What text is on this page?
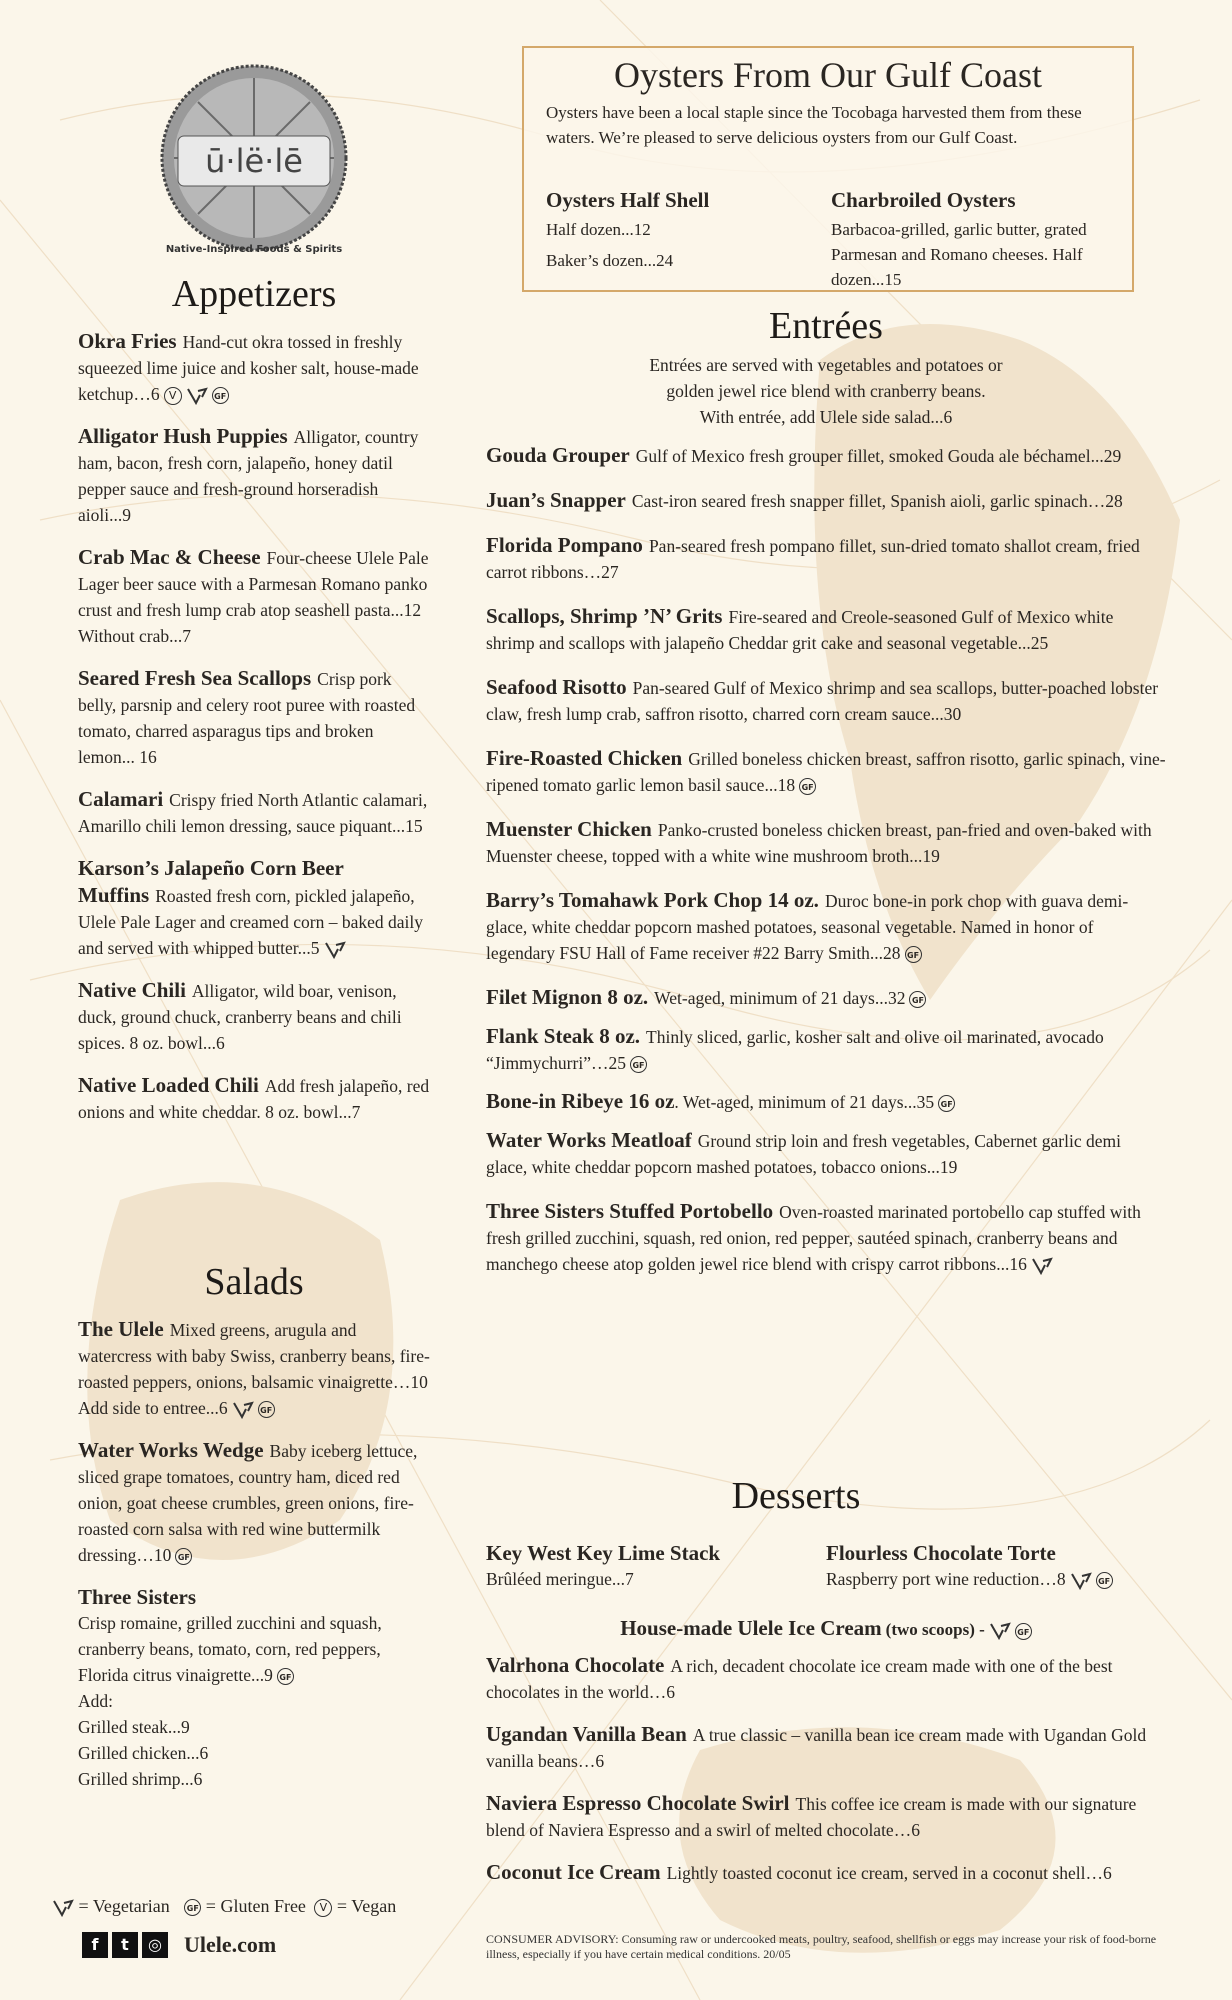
ū·lë·lē
Native-Inspired Foods & Spirits
Oysters From Our Gulf Coast

Oysters have been a local staple since the Tocobaga harvested them from these waters. We’re pleased to serve delicious oysters from our Gulf Coast.

Oysters Half Shell
Half dozen...12
Baker’s dozen...24
Charbroiled Oysters
Barbacoa-grilled, garlic butter, grated Parmesan and Romano cheeses. Half dozen...15
Appetizers

Okra Fries Hand-cut okra tossed in freshly squeezed lime juice and kosher salt, house-made ketchup…6 V	GF

Alligator Hush Puppies Alligator, country ham, bacon, fresh corn, jalapeño, honey datil pepper sauce and fresh-ground horseradish aioli...9

Crab Mac & Cheese Four-cheese Ulele Pale Lager beer sauce with a Parmesan Romano panko crust and fresh lump crab atop seashell pasta...12
Without crab...7

Seared Fresh Sea Scallops Crisp pork belly, parsnip and celery root puree with roasted tomato, charred asparagus tips and broken lemon... 16

Calamari Crispy fried North Atlantic calamari, Amarillo chili lemon dressing, sauce piquant...15

Karson’s Jalapeño Corn Beer Muffins Roasted fresh corn, pickled jalapeño, Ulele Pale Lager and creamed corn – baked daily and served with whipped butter...5

Native Chili Alligator, wild boar, venison, duck, ground chuck, cranberry beans and chili spices. 8 oz. bowl...6

Native Loaded Chili Add fresh jalapeño, red onions and white cheddar. 8 oz. bowl...7

Salads

The Ulele Mixed greens, arugula and watercress with baby Swiss, cranberry beans, fire-roasted peppers, onions, balsamic vinaigrette…10
Add side to entree...6	GF

Water Works Wedge Baby iceberg lettuce, sliced grape tomatoes, country ham, diced red onion, goat cheese crumbles, green onions, fire-roasted corn salsa with red wine buttermilk dressing…10 GF

Three Sisters
Crisp romaine, grilled zucchini and squash, cranberry beans, tomato, corn, red peppers, Florida citrus vinaigrette...9 GF
Add:
Grilled steak...9
Grilled chicken...6
Grilled shrimp...6

= Vegetarian GF = Gluten Free V = Vegan
f	t	◎ Ulele.com
Entrées
Entrées are served with vegetables and potatoes or
golden jewel rice blend with cranberry beans.
With entrée, add Ulele side salad...6

Gouda Grouper Gulf of Mexico fresh grouper fillet, smoked Gouda ale béchamel...29

Juan’s Snapper Cast-iron seared fresh snapper fillet, Spanish aioli, garlic spinach…28

Florida Pompano Pan-seared fresh pompano fillet, sun-dried tomato shallot cream, fried carrot ribbons…27

Scallops, Shrimp ’N’ Grits Fire-seared and Creole-seasoned Gulf of Mexico white shrimp and scallops with jalapeño Cheddar grit cake and seasonal vegetable...25

Seafood Risotto Pan-seared Gulf of Mexico shrimp and sea scallops, butter-poached lobster claw, fresh lump crab, saffron risotto, charred corn cream sauce...30

Fire-Roasted Chicken Grilled boneless chicken breast, saffron risotto, garlic spinach, vine-ripened tomato garlic lemon basil sauce...18 GF

Muenster Chicken Panko-crusted boneless chicken breast, pan-fried and oven-baked with Muenster cheese, topped with a white wine mushroom broth...19

Barry’s Tomahawk Pork Chop 14 oz. Duroc bone-in pork chop with guava demi-glace, white cheddar popcorn mashed potatoes, seasonal vegetable. Named in honor of legendary FSU Hall of Fame receiver #22 Barry Smith...28 GF

Filet Mignon 8 oz. Wet-aged, minimum of 21 days...32 GF

Flank Steak 8 oz. Thinly sliced, garlic, kosher salt and olive oil marinated, avocado “Jimmychurri”…25 GF

Bone-in Ribeye 16 oz. Wet-aged, minimum of 21 days...35 GF

Water Works Meatloaf Ground strip loin and fresh vegetables, Cabernet garlic demi glace, white cheddar popcorn mashed potatoes, tobacco onions...19

Three Sisters Stuffed Portobello Oven-roasted marinated portobello cap stuffed with fresh grilled zucchini, squash, red onion, red pepper, sautéed spinach, cranberry beans and manchego cheese atop golden jewel rice blend with crispy carrot ribbons...16

Desserts
Key West Key Lime Stack
Brûléed meringue...7
Flourless Chocolate Torte
Raspberry port wine reduction…8	GF
House-made Ulele Ice Cream (two scoops) -	GF

Valrhona Chocolate A rich, decadent chocolate ice cream made with one of the best chocolates in the world…6

Ugandan Vanilla Bean A true classic – vanilla bean ice cream made with Ugandan Gold vanilla beans…6

Naviera Espresso Chocolate Swirl This coffee ice cream is made with our signature blend of Naviera Espresso and a swirl of melted chocolate…6

Coconut Ice Cream Lightly toasted coconut ice cream, served in a coconut shell…6

CONSUMER ADVISORY: Consuming raw or undercooked meats, poultry, seafood, shellfish or eggs may increase your risk of food-borne illness, especially if you have certain medical conditions. 20/05
